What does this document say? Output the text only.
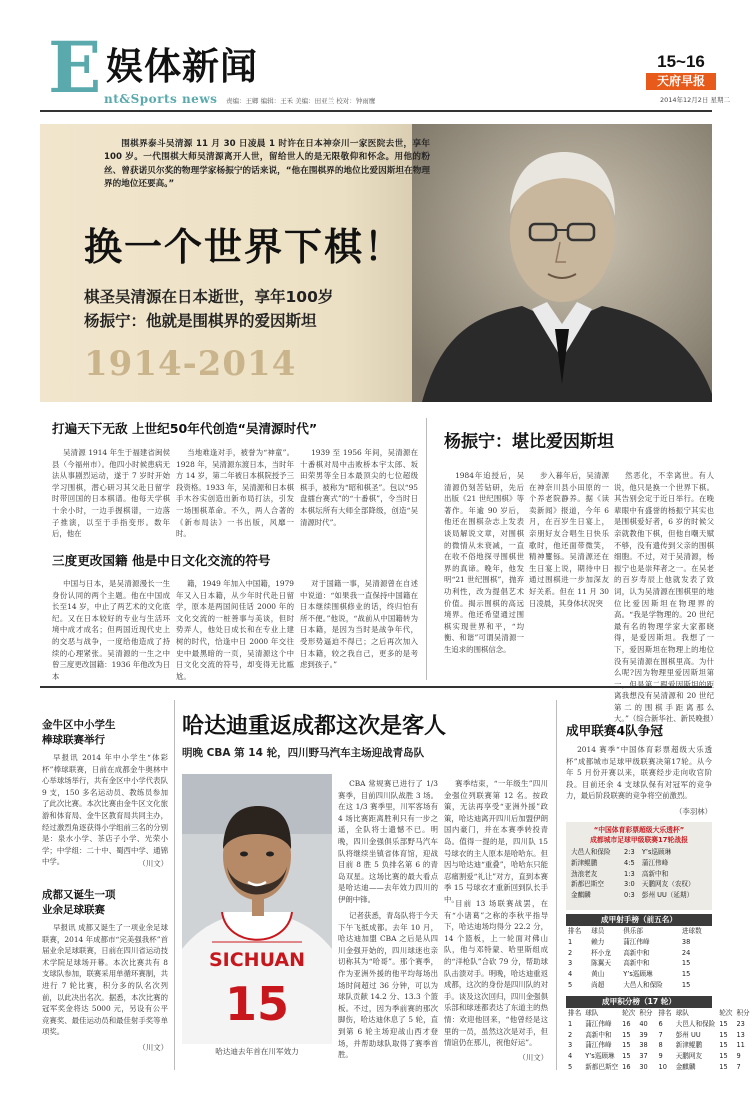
E 娱体新闻
nt&Sports news 责编：王卿 编辑：王禾 美编：田亚兰 校对：钟雨鹰
15~16
天府早报
2014年12月2日 星期二
围棋界泰斗吴清源 11 月 30 日凌晨 1 时许在日本神奈川一家医院去世，享年 100 岁。一代围棋大师吴清源离开人世，留给世人的是无限敬仰和怀念。用他的粉丝、曾获诺贝尔奖的物理学家杨振宁的话来说，“他在围棋界的地位比爱因斯坦在物理界的地位还要高。”
换一个世界下棋！
棋圣吴清源在日本逝世，享年100岁
杨振宁：他就是围棋界的爱因斯坦
1914-2014
打遍天下无敌 上世纪50年代创造“吴清源时代”

吴清源 1914 年生于福建省闽侯县（今福州市）。他四小时候患病无法从事剧烈运动，遂于 7 岁时开始学习围棋，潜心研习其父赴日留学时带回国的日本棋谱。他每天学棋十余小时，一边手握棋谱，一边落子推演，以至于手指变形。数年后，他在

当地难逢对手，被誉为“神童”。1928 年，吴清源东渡日本，当时年方 14 岁，第二年被日本棋院授予三段资格。1933 年，吴清源和日本棋手木谷实创造出新布局打法，引发一场围棋革命。不久，两人合著的《新布局法》一书出版，风靡一时。

1939 至 1956 年间，吴清源在十番棋对局中击败桥本宇太郎、坂田荣男等全日本最顶尖的七位超级棋手，被称为“昭和棋圣”。包以“95 盘擂台赛式”的“十番棋”，令当时日本棋坛所有大师全部降级，创造“吴清源时代”。

三度更改国籍 他是中日文化交流的符号

中国与日本，是吴清源漫长一生身份认同的两个主题。他在中国成长至14 岁，中止了两艺术的文化底纪。又在日本较好的专业与生活环境中成才成名；但两国近现代史上的交恶与战争，一度给他造成了持续的心理紧张。吴清源的一生之中曾三度更改国籍：1936 年他改为日本

籍，1949 年加入中国籍，1979 年又入日本籍，从少年时代赴日留学，原本是两国间佳话 2000 年的文化交流的一桩善事与美谈，但时势弄人，他处日成长和在专业上建树的时代，恰逢中日 2000 年交往史中最黑暗的一页，吴清源这个中日文化交流的符号，却变得无比尴尬。

对于国籍一事，吴清源曾在自述中说道：“如果我一直保持中国籍在日本继续围棋修业的话，终归怕有所不便。”他说，“战前从中国籍转为日本籍，是因为当时是战争年代，受形势逼迫不得已；之后再次加入日本籍，较之我自己，更多的是考虑到孩子。”

杨振宁：堪比爱因斯坦

1984年追授后，吴清源仍刻苦钻研，先后出版《21 世纪围棋》等著作。年逾 90 岁后，他还在围棋杂志上发表谈局解说文章，对围棋的微情从未衰减，一直在收不俗地探寻围棋世界的真谛。晚年，他发明“21 世纪围棋”，抛弃功利性，改为提倡艺术价值。揭示围棋的高远境界。他还希望通过围棋实现世界和平，“均衡、和谐”可谓吴清源一生追求的围棋信念。

步入暮年后，吴清源在神奈川县小田原的一个养老院静养。据《读卖新闻》报道，今年 6 月，在百岁生日宴上，亲朋好友合唱生日快乐歌时，他还面带微笑，精神矍铄。吴清源还在生日宴上说，期待中日通过围棋进一步加深友好关系。但在 11 月 30 日凌晨，其身体状况突

然恶化，不幸离世。有人说，他只是换一个世界下棋。其告别会定于近日举行。在晚辈眼中有盛誉的杨振宁其实也是围棋爱好者，6 岁的时候父亲就教他下棋，但他自嘲天赋不够，没有遗传到父亲的围棋细胞。不过，对于吴清源，杨振宁也是崇拜者之一。在吴老的百岁寿辰上他就发表了致词，认为吴清源在围棋里的地位比爱因斯坦在物理界的高。“我是学物理的。20 世纪最有名的物理学家大家都晓得，是爱因斯坦。我想了一下，爱因斯坦在物理上的地位没有吴清源在围棋里高。为什么呢?因为物理里爱因斯坦第一，但是第二跟爱因斯坦的距离我想没有吴清源和 20 世纪第二的围棋手距离那么大。”（综合新华社、新民晚报）

金牛区中小学生
棒球联赛举行

早报讯 2014 年中小学生“体彩杯”棒球联赛，日前在成都金牛奥林中心举球场举行，共有金区中小学代表队 9 支，150 多名运动员、教练员参加了此次比赛。本次比赛由金牛区文化旅游和体育局、金牛区教育局共同主办，经过激烈角逐获得小学组前三名的分别是：泉水小学、茶店子小学、光荣小学；中学组：二十中、蜀西中学、通锦中学。	（川文）
成都又诞生一项
业余足球联赛

早报讯 成都又诞生了一项业余足球联赛，2014 年成都市“完美强我杯”首届业余足球联赛，日前在四川省运动技术学院足球场开幕。本次比赛共有 8 支球队参加，联赛采用单循环赛制，共进行 7 轮比赛，积分多的队名次列前，以此决出名次。据悉，本次比赛的冠军奖金将达 5000 元，另设有公平竞赛奖、最佳运动员和最佳射手奖等单项奖。

（川文）
哈达迪重返成都这次是客人
明晚 CBA 第 14 轮，四川野马汽车主场迎战青岛队
SICHUAN
15
哈达迪去年首在川军效力

CBA 常规赛已进行了 1/3 赛季，目前四川队战胜 3 场。在这 1/3 赛季里，川军客场有 4 场比赛距离胜利只有一步之遥，全队将士遗憾不已。明晚，四川金强俱乐部野马汽车队将继续坐镇省体育馆，迎战目前 8 胜 5 负排名第 6 的青岛双星。这场比赛的最大看点是哈达迪——去年效力四川的伊朗中锋。

记者获悉，青岛队将于今天下午飞抵成都。去年 10 月，哈达迪加盟 CBA 之后是从四川金强开始的，四川球迷也亲切称其为“哈哥”。那个赛季，作为亚洲外援的他平均每场出场时间超过 36 分钟，可以为球队贡献 14.2 分、13.3 个篮板。不过，因为季前赛的那次脚伤，哈达迪休息了 5 轮，直到第 6 轮主场迎战山西才登场，并帮助球队取得了赛季首胜。

赛季结束，“一年级生”四川金强位列联赛第 12 名。按政策，无法再享受“亚洲外援”政策，哈达迪离开四川后加盟伊朗国内豪门，并在本赛季转投青岛。值得一提的是，四川队 15 号球衣的主人原本是哈哈东。但因与哈达迪“重叠”，哈哈东只能忍痛割爱“礼让”对方，直到本赛季 15 号球衣才重新回到队长手中。

目前 13 场联赛战罢，在有“小诸葛”之称的李秋平指导下，哈达迪场均得分 22.2 分，14 个篮板，上一轮面对佛山队，他与邓特蒙、哈里斯组成的“洋枪队”合砍 79 分，帮助球队击溃对手。明晚，哈达迪重返成都，这次的身份是四川队的对手。谈及这次回归，四川金强俱乐部和球迷都表达了东道主的热情：欢迎他回来，“他曾经是这里的一员，虽然这次是对手，但情谊仍在那儿，祝他好运”。

（川文）
成甲联赛4队争冠

2014 赛季“中国体育彩票超级大乐透杯”成都城市足球甲级联赛决第17轮。从今年 5 月份开赛以来，联赛经步走向收官阶段。目前还余 4 支球队保有对冠军的竞争力，最后阶段联赛的竞争将空前激烈。

（李羽林）
“中国体育彩票超级大乐透杯”
成都城市足球甲级联赛17轮战报
大邑人和保险	2:3	Y’s巡顾琳
新津鲲鹏	4:5	蒲江伟峰
劲浪老友	1:3	高新中和
新都巴斯空	3:0	天鹏网友（农权）
金麒麟	0:3	彭州 UU（延期）
成甲射手榜（前五名）
排名	球员	俱乐部	进球数
1	赖力	蒲江伟峰	38
2	杯小龙	高新中和	24
3	陈翼天	高新中和	15
4	黄山	Y’s巡顾琳	15
5	尚超	大邑人和保险	15
成甲积分榜（17 轮）
排名	球队	轮次	积分
1	蒲江伟峰	16	40
2	高新中和	15	39
3	蒲江伟峰	15	38
4	Y’s巡顾琳	15	37
5	新都巴斯空	16	30
排名	球队	轮次	积分
6	大邑人和保险	15	23
7	彭州 UU	15	13
8	新津鲲鹏	15	11
9	天鹏网友	15	9
10	金麒麟	15	7
